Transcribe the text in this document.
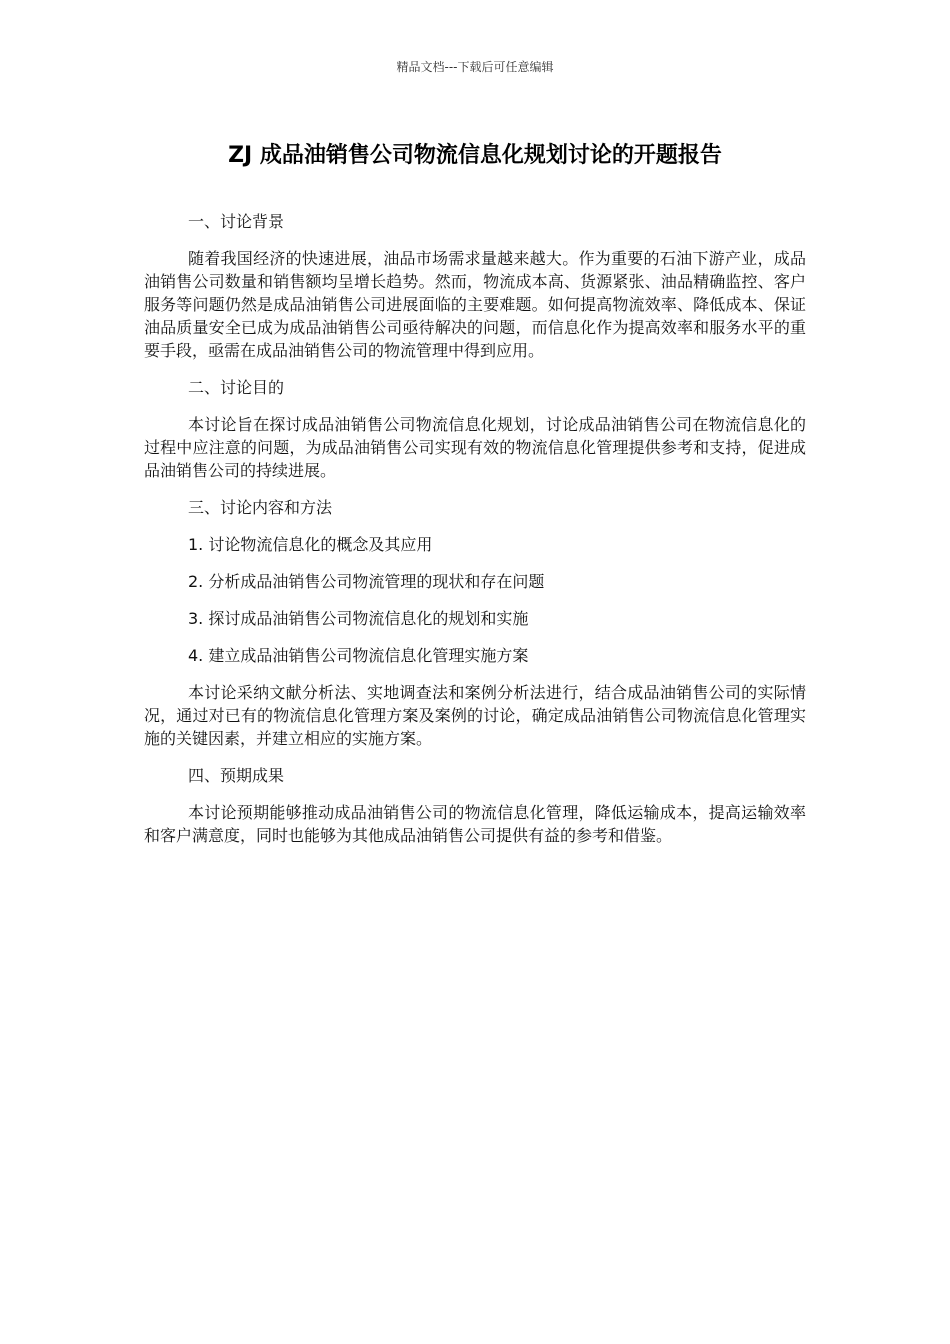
精品文档---下载后可任意编辑
ZJ 成品油销售公司物流信息化规划讨论的开题报告
一、讨论背景

随着我国经济的快速进展，油品市场需求量越来越大。作为重要的石油下游产业，成品油销售公司数量和销售额均呈增长趋势。然而，物流成本高、货源紧张、油品精确监控、客户服务等问题仍然是成品油销售公司进展面临的主要难题。如何提高物流效率、降低成本、保证油品质量安全已成为成品油销售公司亟待解决的问题，而信息化作为提高效率和服务水平的重要手段，亟需在成品油销售公司的物流管理中得到应用。

二、讨论目的

本讨论旨在探讨成品油销售公司物流信息化规划，讨论成品油销售公司在物流信息化的过程中应注意的问题，为成品油销售公司实现有效的物流信息化管理提供参考和支持，促进成品油销售公司的持续进展。

三、讨论内容和方法
1. 讨论物流信息化的概念及其应用
2. 分析成品油销售公司物流管理的现状和存在问题
3. 探讨成品油销售公司物流信息化的规划和实施
4. 建立成品油销售公司物流信息化管理实施方案

本讨论采纳文献分析法、实地调查法和案例分析法进行，结合成品油销售公司的实际情况，通过对已有的物流信息化管理方案及案例的讨论，确定成品油销售公司物流信息化管理实施的关键因素，并建立相应的实施方案。

四、预期成果

本讨论预期能够推动成品油销售公司的物流信息化管理，降低运输成本，提高运输效率和客户满意度，同时也能够为其他成品油销售公司提供有益的参考和借鉴。
